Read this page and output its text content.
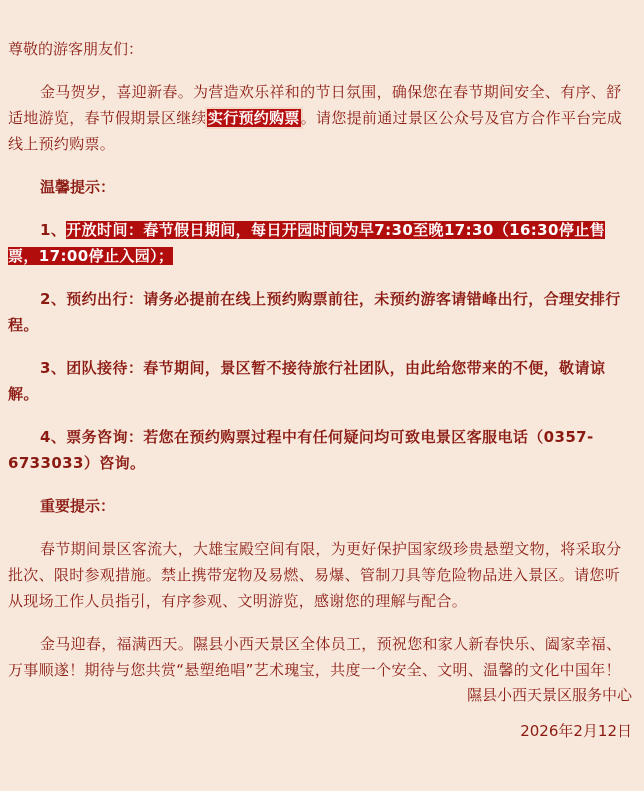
尊敬的游客朋友们：

金马贺岁，喜迎新春。为营造欢乐祥和的节日氛围，确保您在春节期间安全、有序、舒适地游览，春节假期景区继续实行预约购票。请您提前通过景区公众号及官方合作平台完成线上预约购票。

温馨提示：

1、开放时间：春节假日期间，每日开园时间为早7:30至晚17:30（16:30停止售票，17:00停止入园）；

2、预约出行：请务必提前在线上预约购票前往，未预约游客请错峰出行，合理安排行程。

3、团队接待：春节期间，景区暂不接待旅行社团队，由此给您带来的不便，敬请谅解。

4、票务咨询：若您在预约购票过程中有任何疑问均可致电景区客服电话（0357-6733033）咨询。

重要提示：

春节期间景区客流大，大雄宝殿空间有限，为更好保护国家级珍贵悬塑文物，将采取分批次、限时参观措施。禁止携带宠物及易燃、易爆、管制刀具等危险物品进入景区。请您听从现场工作人员指引，有序参观、文明游览，感谢您的理解与配合。

金马迎春，福满西天。隰县小西天景区全体员工，预祝您和家人新春快乐、阖家幸福、万事顺遂！期待与您共赏“悬塑绝唱”艺术瑰宝，共度一个安全、文明、温馨的文化中国年！

隰县小西天景区服务中心

2026年2月12日
